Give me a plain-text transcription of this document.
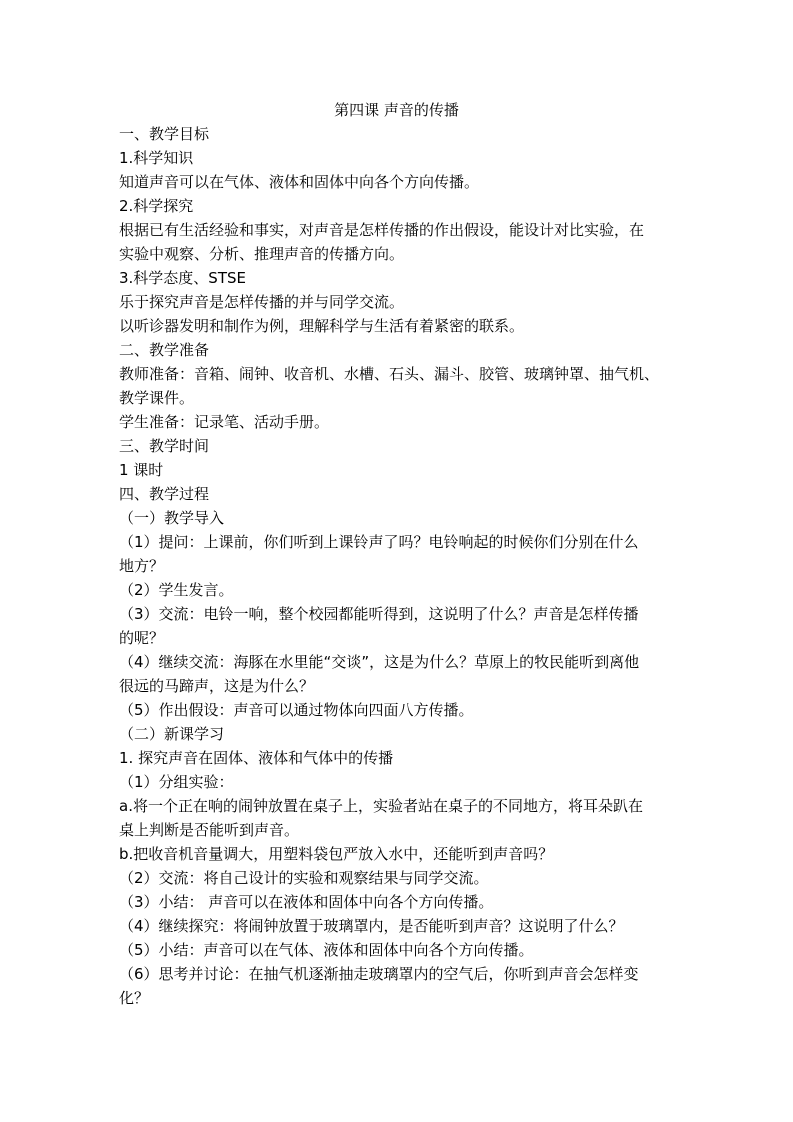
第四课 声音的传播
一、教学目标
1.科学知识
知道声音可以在气体、液体和固体中向各个方向传播。
2.科学探究
根据已有生活经验和事实，对声音是怎样传播的作出假设，能设计对比实验，在
实验中观察、分析、推理声音的传播方向。
3.科学态度、STSE
乐于探究声音是怎样传播的并与同学交流。
以听诊器发明和制作为例，理解科学与生活有着紧密的联系。
二、教学准备
教师准备：音箱、闹钟、收音机、水槽、石头、漏斗、胶管、玻璃钟罩、抽气机、
教学课件。
学生准备：记录笔、活动手册。
三、教学时间
1 课时
四、教学过程
（一）教学导入
（1）提问：上课前，你们听到上课铃声了吗？电铃响起的时候你们分别在什么
地方？
（2）学生发言。
（3）交流：电铃一响，整个校园都能听得到，这说明了什么？声音是怎样传播
的呢？
（4）继续交流：海豚在水里能“交谈”，这是为什么？草原上的牧民能听到离他
很远的马蹄声，这是为什么？
（5）作出假设：声音可以通过物体向四面八方传播。
（二）新课学习
1. 探究声音在固体、液体和气体中的传播
（1）分组实验：
a.将一个正在响的闹钟放置在桌子上，实验者站在桌子的不同地方，将耳朵趴在
桌上判断是否能听到声音。
b.把收音机音量调大，用塑料袋包严放入水中，还能听到声音吗？
（2）交流：将自己设计的实验和观察结果与同学交流。
（3）小结： 声音可以在液体和固体中向各个方向传播。
（4）继续探究：将闹钟放置于玻璃罩内，是否能听到声音？这说明了什么？
（5）小结：声音可以在气体、液体和固体中向各个方向传播。
（6）思考并讨论：在抽气机逐渐抽走玻璃罩内的空气后，你听到声音会怎样变
化？
